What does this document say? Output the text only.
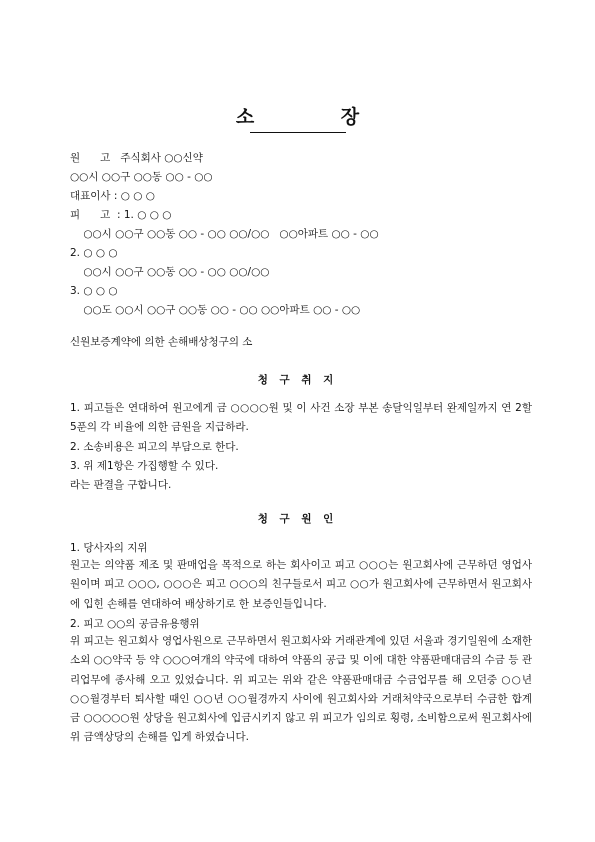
소 장
원      고   주식회사 ○○신약
○○시 ○○구 ○○동 ○○ - ○○
대표이사 : ○ ○ ○
피      고  : 1. ○ ○ ○
○○시 ○○구 ○○동 ○○ - ○○ ○○/○○   ○○아파트 ○○ - ○○
2. ○ ○ ○
○○시 ○○구 ○○동 ○○ - ○○ ○○/○○
3. ○ ○ ○
○○도 ○○시 ○○구 ○○동 ○○ - ○○ ○○아파트 ○○ - ○○
신원보증계약에 의한 손해배상청구의 소
청 구 취 지
1. 피고들은 연대하여 원고에게 금 ○○○○원 및 이 사건 소장 부본 송달익일부터 완제일까지 연 2할 5푼의 각 비율에 의한 금원을 지급하라.
2. 소송비용은 피고의 부담으로 한다.
3. 위 제1항은 가집행할 수 있다.
라는 판결을 구합니다.
청 구 원 인
1. 당사자의 지위
원고는 의약품 제조 및 판매업을 목적으로 하는 회사이고 피고 ○○○는 원고회사에 근무하던 영업사원이며 피고 ○○○, ○○○은 피고 ○○○의 친구들로서 피고 ○○가 원고회사에 근무하면서 원고회사에 입힌 손해를 연대하여 배상하기로 한 보증인들입니다.
2. 피고 ○○의 공금유용행위
위 피고는 원고회사 영업사원으로 근무하면서 원고회사와 거래관계에 있던 서울과 경기일원에 소재한 소외 ○○약국 등 약 ○○○여개의 약국에 대하여 약품의 공급 및 이에 대한 약품판매대금의 수금 등 관리업무에 종사해 오고 있었습니다. 위 피고는 위와 같은 약품판매대금 수금업무를 해 오던중 ○○년 ○○월경부터 퇴사할 때인 ○○년 ○○월경까지 사이에 원고회사와 거래처약국으로부터 수금한 합계 금 ○○○○○원 상당을 원고회사에 입금시키지 않고 위 피고가 임의로 횡령, 소비함으로써 원고회사에 위 금액상당의 손해를 입게 하였습니다.
